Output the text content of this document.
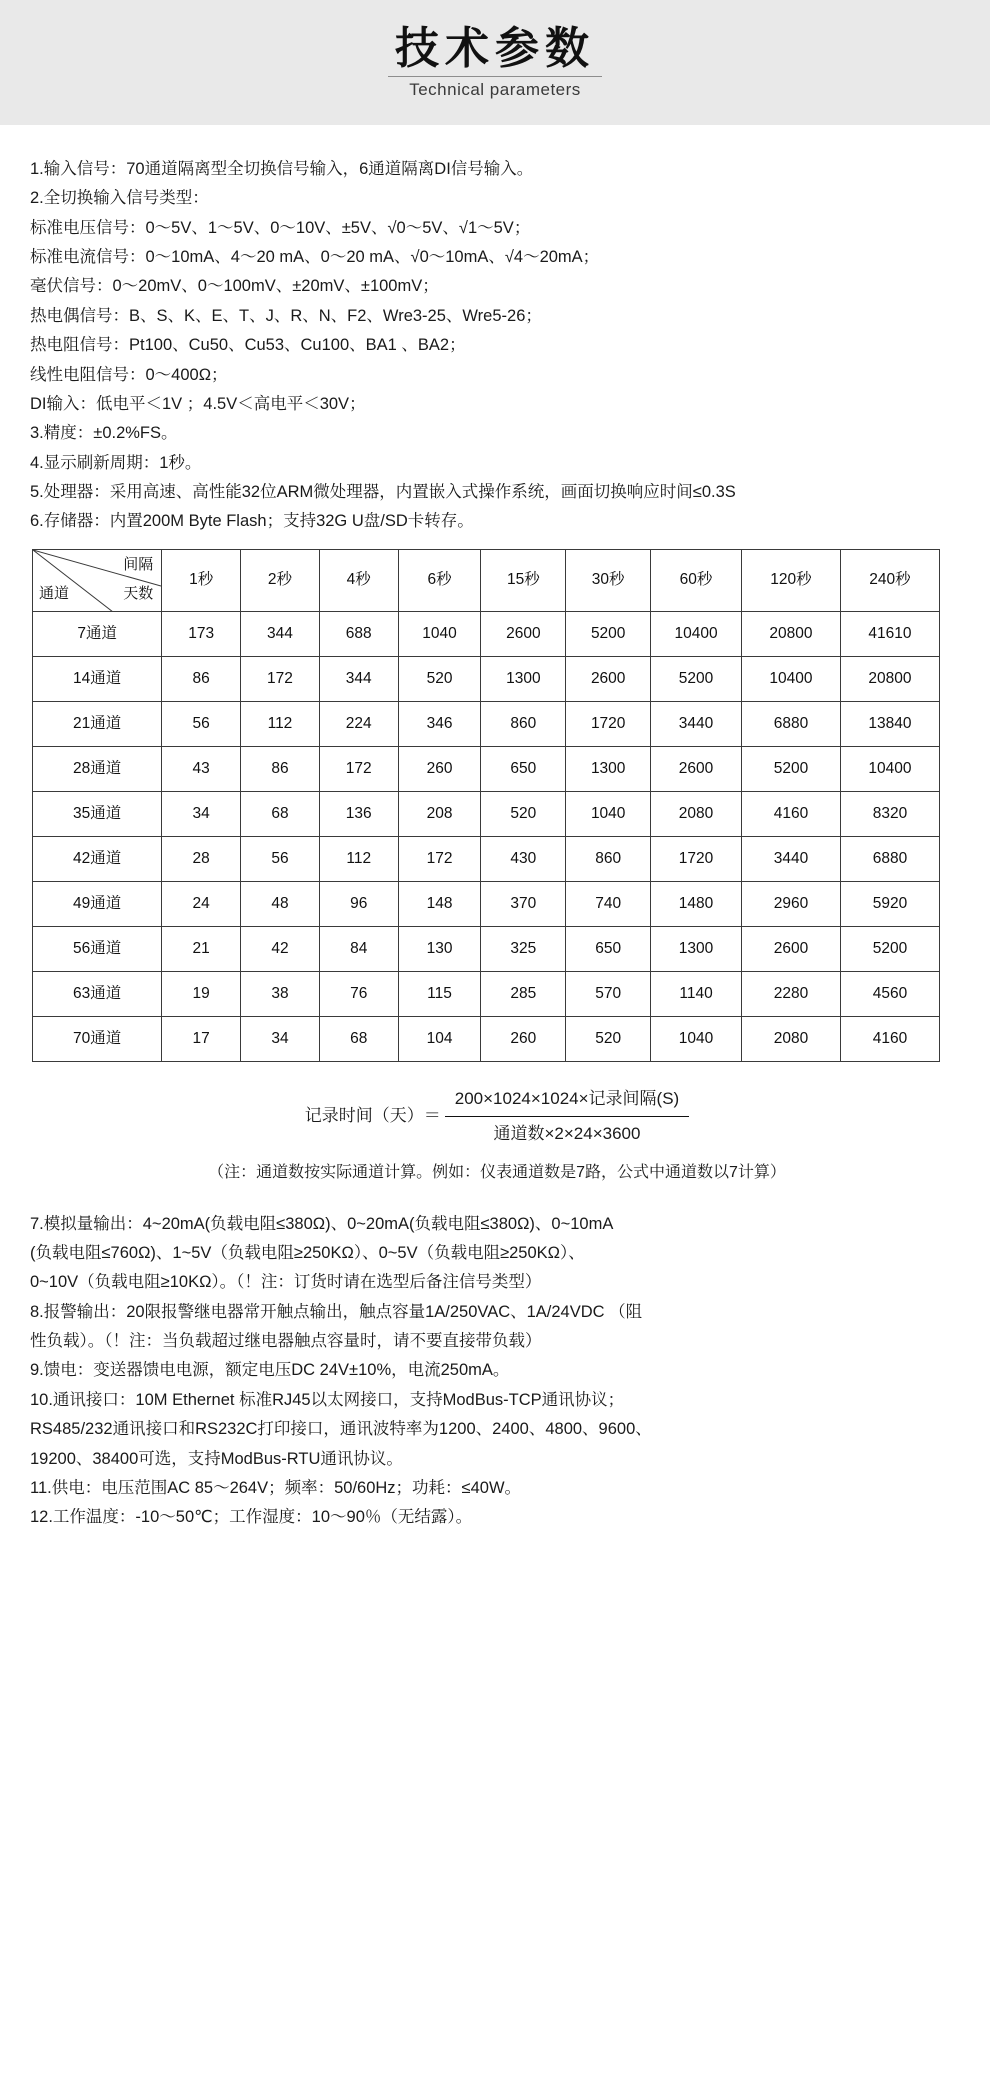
技术参数
Technical parameters
1.输入信号：70通道隔离型全切换信号输入，6通道隔离DI信号输入。
2.全切换输入信号类型：
标准电压信号：0～5V、1～5V、0～10V、±5V、√0～5V、√1～5V；
标准电流信号：0～10mA、4～20 mA、0～20 mA、√0～10mA、√4～20mA；
毫伏信号：0～20mV、0～100mV、±20mV、±100mV；
热电偶信号：B、S、K、E、T、J、R、N、F2、Wre3-25、Wre5-26；
热电阻信号：Pt100、Cu50、Cu53、Cu100、BA1 、BA2；
线性电阻信号：0～400Ω；
DI输入：低电平＜1V ；4.5V＜高电平＜30V；
3.精度：±0.2%FS。
4.显示刷新周期：1秒。
5.处理器：采用高速、高性能32位ARM微处理器，内置嵌入式操作系统，画面切换响应时间≤0.3S
6.存储器：内置200M Byte Flash；支持32G U盘/SD卡转存。
间隔
天数
通道	1秒	2秒	4秒	6秒	15秒	30秒	60秒	120秒	240秒
7通道	173	344	688	1040	2600	5200	10400	20800	41610
14通道	86	172	344	520	1300	2600	5200	10400	20800
21通道	56	112	224	346	860	1720	3440	6880	13840
28通道	43	86	172	260	650	1300	2600	5200	10400
35通道	34	68	136	208	520	1040	2080	4160	8320
42通道	28	56	112	172	430	860	1720	3440	6880
49通道	24	48	96	148	370	740	1480	2960	5920
56通道	21	42	84	130	325	650	1300	2600	5200
63通道	19	38	76	115	285	570	1140	2280	4560
70通道	17	34	68	104	260	520	1040	2080	4160
记录时间（天）＝ $\frac{\text{200×1024×1024×记录间隔(S)}}{\text{通道数×2×24×3600}}$
（注：通道数按实际通道计算。例如：仪表通道数是7路，公式中通道数以7计算）
7.模拟量输出：4~20mA(负载电阻≤380Ω)、0~20mA(负载电阻≤380Ω)、0~10mA
(负载电阻≤760Ω)、1~5V（负载电阻≥250KΩ）、0~5V（负载电阻≥250KΩ）、
0~10V（负载电阻≥10KΩ）。（！注：订货时请在选型后备注信号类型）
8.报警输出：20限报警继电器常开触点输出，触点容量1A/250VAC、1A/24VDC （阻
性负载）。（！注：当负载超过继电器触点容量时，请不要直接带负载）
9.馈电：变送器馈电电源，额定电压DC 24V±10%，电流250mA。
10.通讯接口：10M Ethernet 标准RJ45以太网接口，支持ModBus-TCP通讯协议；
RS485/232通讯接口和RS232C打印接口，通讯波特率为1200、2400、4800、9600、
19200、38400可选，支持ModBus-RTU通讯协议。
11.供电：电压范围AC 85～264V；频率：50/60Hz；功耗：≤40W。
12.工作温度：-10～50℃；工作湿度：10～90％（无结露）。
